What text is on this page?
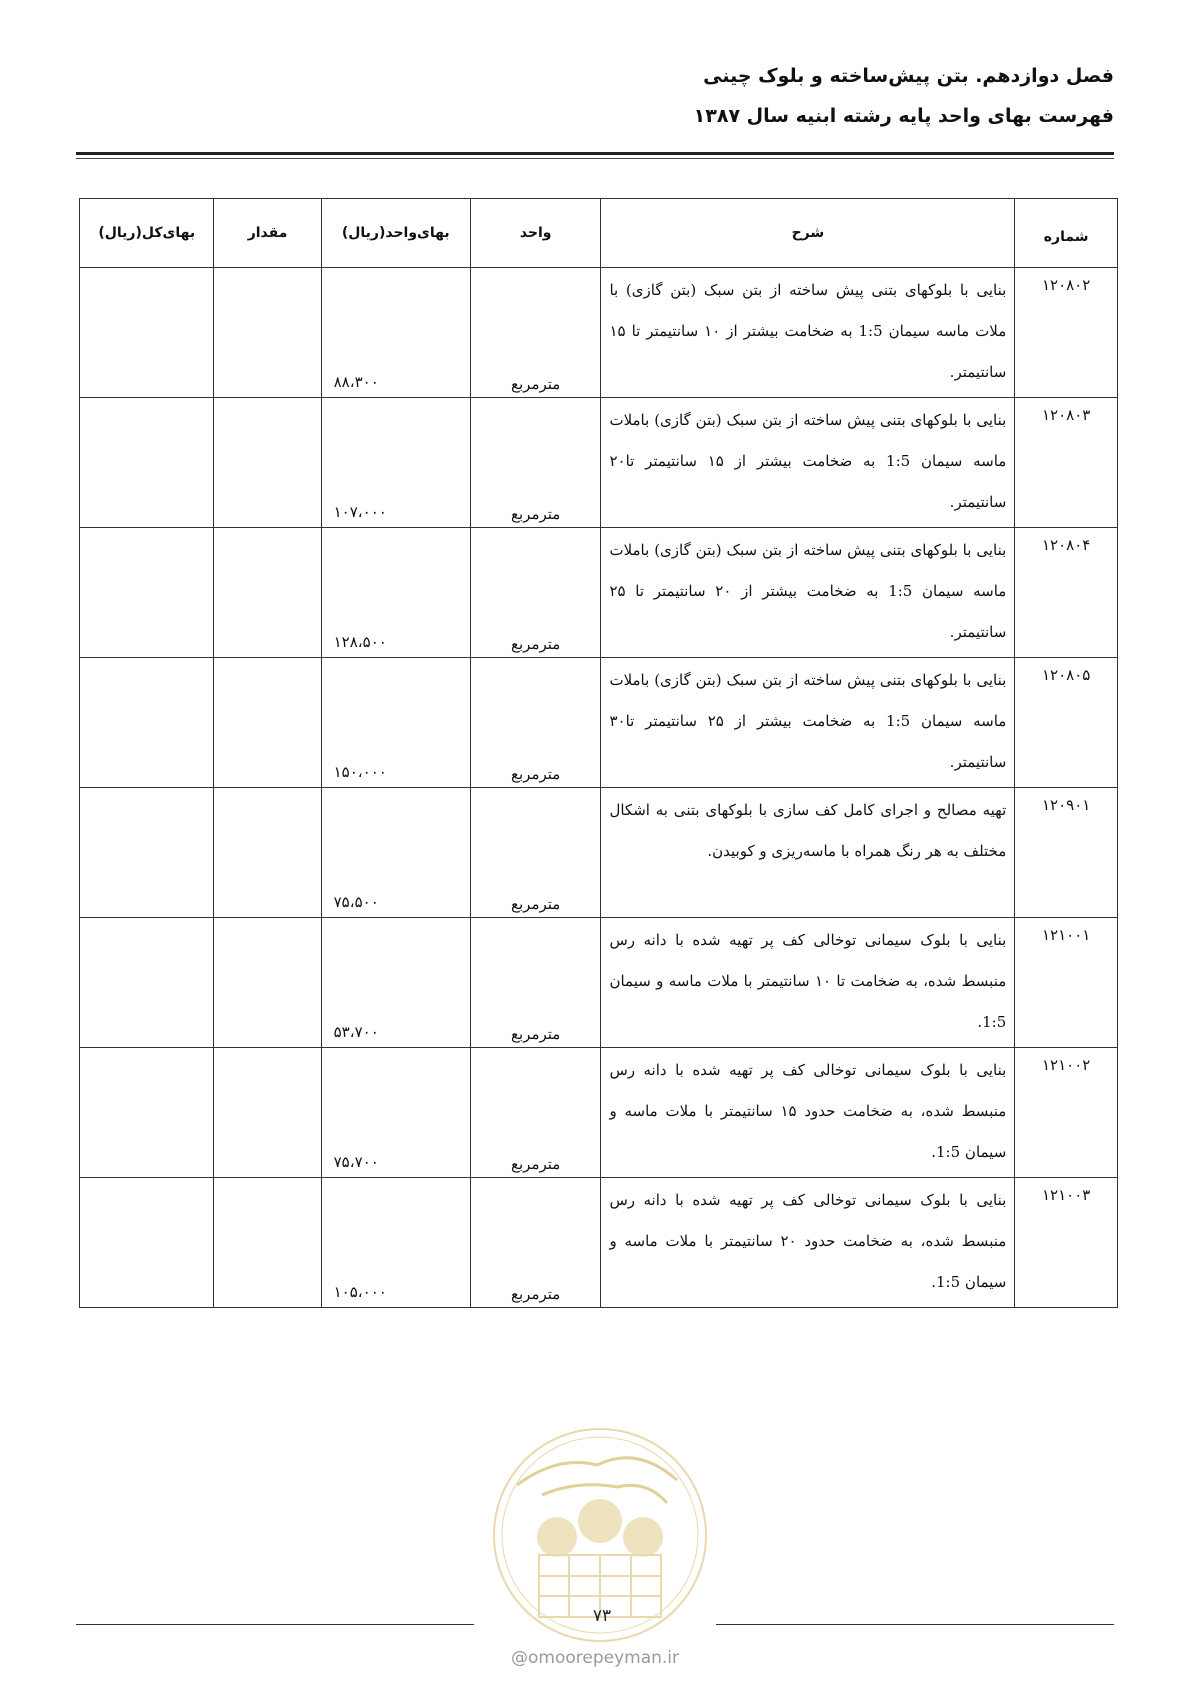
فصل دوازدهم. بتن پیش‌ساخته و بلوک چینی
فهرست بهای واحد پایه رشته ابنیه سال ۱۳۸۷
شماره	شرح	واحد	بهای‌واحد(ریال)	مقدار	بهای‌کل(ریال)
۱۲۰۸۰۲	بنایی با بلوکهای بتنی پیش ساخته از بتن سبک (بتن گازی) با ملات ماسه سیمان 1:5 به ضخامت بیشتر از ۱۰ سانتیمتر تا ۱۵ سانتیمتر.	مترمربع	۸۸،۳۰۰		
۱۲۰۸۰۳	بنایی با بلوکهای بتنی پیش ساخته از بتن سبک (بتن گازی) باملات ماسه سیمان 1:5 به ضخامت بیشتر از ۱۵ سانتیمتر تا۲۰ سانتیمتر.	مترمربع	۱۰۷،۰۰۰		
۱۲۰۸۰۴	بنایی با بلوکهای بتنی پیش ساخته از بتن سبک (بتن گازی) باملات ماسه سیمان 1:5 به ضخامت بیشتر از ۲۰ سانتیمتر تا ۲۵ سانتیمتر.	مترمربع	۱۲۸،۵۰۰		
۱۲۰۸۰۵	بنایی با بلوکهای بتنی پیش ساخته از بتن سبک (بتن گازی) باملات ماسه سیمان 1:5 به ضخامت بیشتر از ۲۵ سانتیمتر تا۳۰ سانتیمتر.	مترمربع	۱۵۰،۰۰۰		
۱۲۰۹۰۱	تهیه مصالح و اجرای کامل کف سازی با بلوکهای بتنی به اشکال مختلف به هر رنگ همراه با ماسه‌ریزی و کوبیدن.	مترمربع	۷۵،۵۰۰		
۱۲۱۰۰۱	بنایی با بلوک سیمانی توخالی کف پر تهیه شده با دانه رس منبسط شده، به ضخامت تا ۱۰ سانتیمتر با ملات ماسه و سیمان 1:5.	مترمربع	۵۳،۷۰۰		
۱۲۱۰۰۲	بنایی با بلوک سیمانی توخالی کف پر تهیه شده با دانه رس منبسط شده، به ضخامت حدود ۱۵ سانتیمتر با ملات ماسه و سیمان 1:5.	مترمربع	۷۵،۷۰۰		
۱۲۱۰۰۳	بنایی با بلوک سیمانی توخالی کف پر تهیه شده با دانه رس منبسط شده، به ضخامت حدود ۲۰ سانتیمتر با ملات ماسه و سیمان 1:5.	مترمربع	۱۰۵،۰۰۰		
۷۳
@omoorepeyman.ir
